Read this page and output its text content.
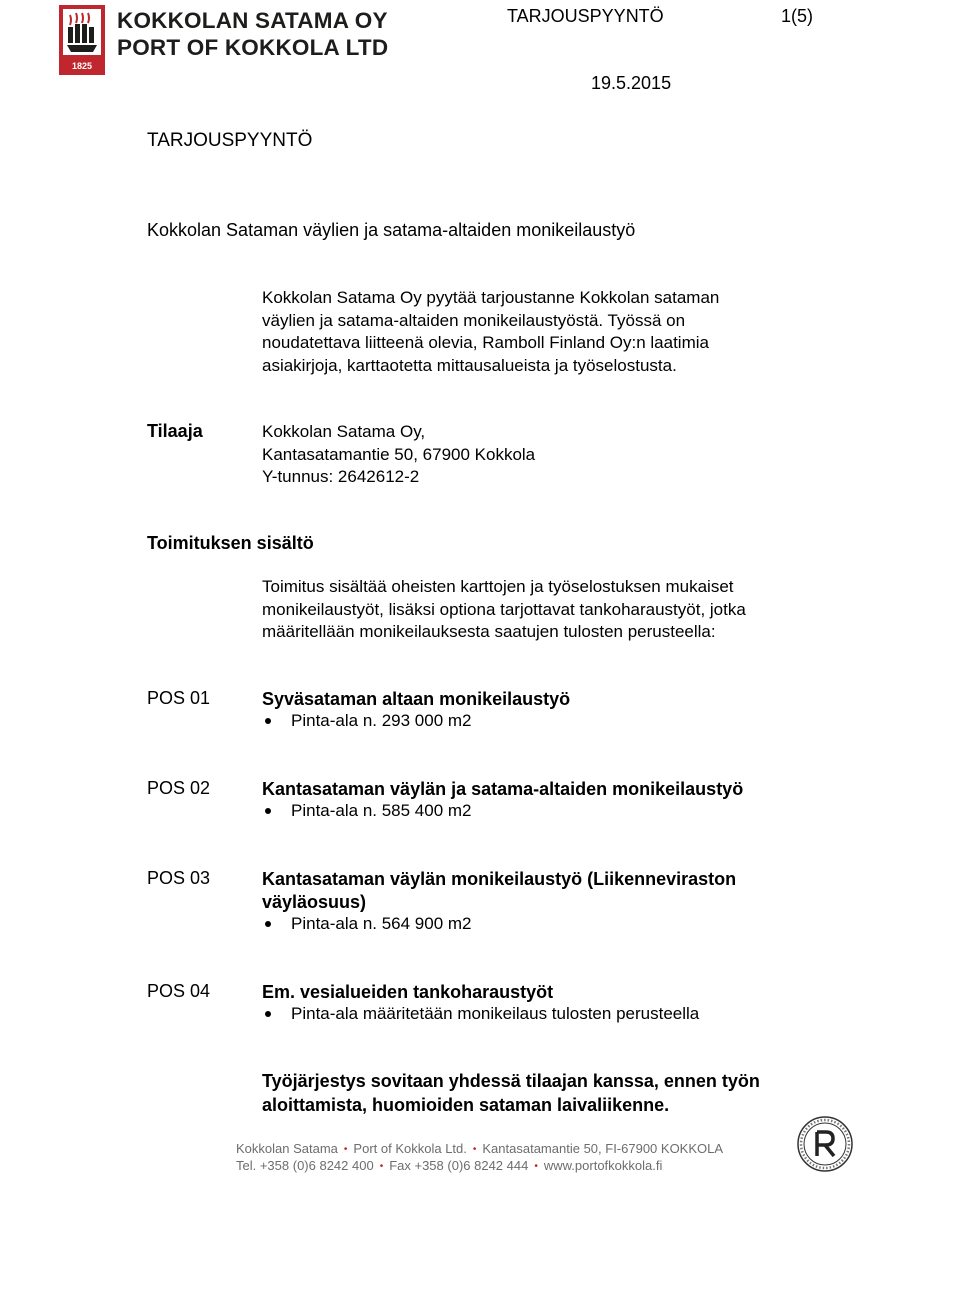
1825
KOKKOLAN SATAMA OY
PORT OF KOKKOLA LTD
TARJOUSPYYNTÖ	1(5)
19.5.2015
TARJOUSPYYNTÖ
Kokkolan Sataman väylien ja satama-altaiden monikeilaustyö
Kokkolan Satama Oy pyytää tarjoustanne Kokkolan sataman
väylien ja satama-altaiden monikeilaustyöstä. Työssä on
noudatettava liitteenä olevia, Ramboll Finland Oy:n laatimia
asiakirjoja, karttaotetta mittausalueista ja työselostusta.
Tilaaja	Kokkolan Satama Oy,
Kantasatamantie 50, 67900 Kokkola
Y-tunnus: 2642612-2
Toimituksen sisältö
Toimitus sisältää oheisten karttojen ja työselostuksen mukaiset
monikeilaustyöt, lisäksi optiona tarjottavat tankoharaustyöt, jotka
määritellään monikeilauksesta saatujen tulosten perusteella:
POS 01	Syväsataman altaan monikeilaustyö
Pinta-ala n. 293 000 m2
POS 02	Kantasataman väylän ja satama-altaiden monikeilaustyö
Pinta-ala n. 585 400 m2
POS 03	Kantasataman väylän monikeilaustyö (Liikenneviraston
väyläosuus)
Pinta-ala n. 564 900 m2
POS 04	Em. vesialueiden tankoharaustyöt
Pinta-ala määritetään monikeilaus tulosten perusteella
Työjärjestys sovitaan yhdessä tilaajan kanssa, ennen työn
aloittamista, huomioiden sataman laivaliikenne.
Kokkolan Satama • Port of Kokkola Ltd. • Kantasatamantie 50, FI-67900 KOKKOLA
Tel. +358 (0)6 8242 400 • Fax +358 (0)6 8242 444 • www.portofkokkola.fi
